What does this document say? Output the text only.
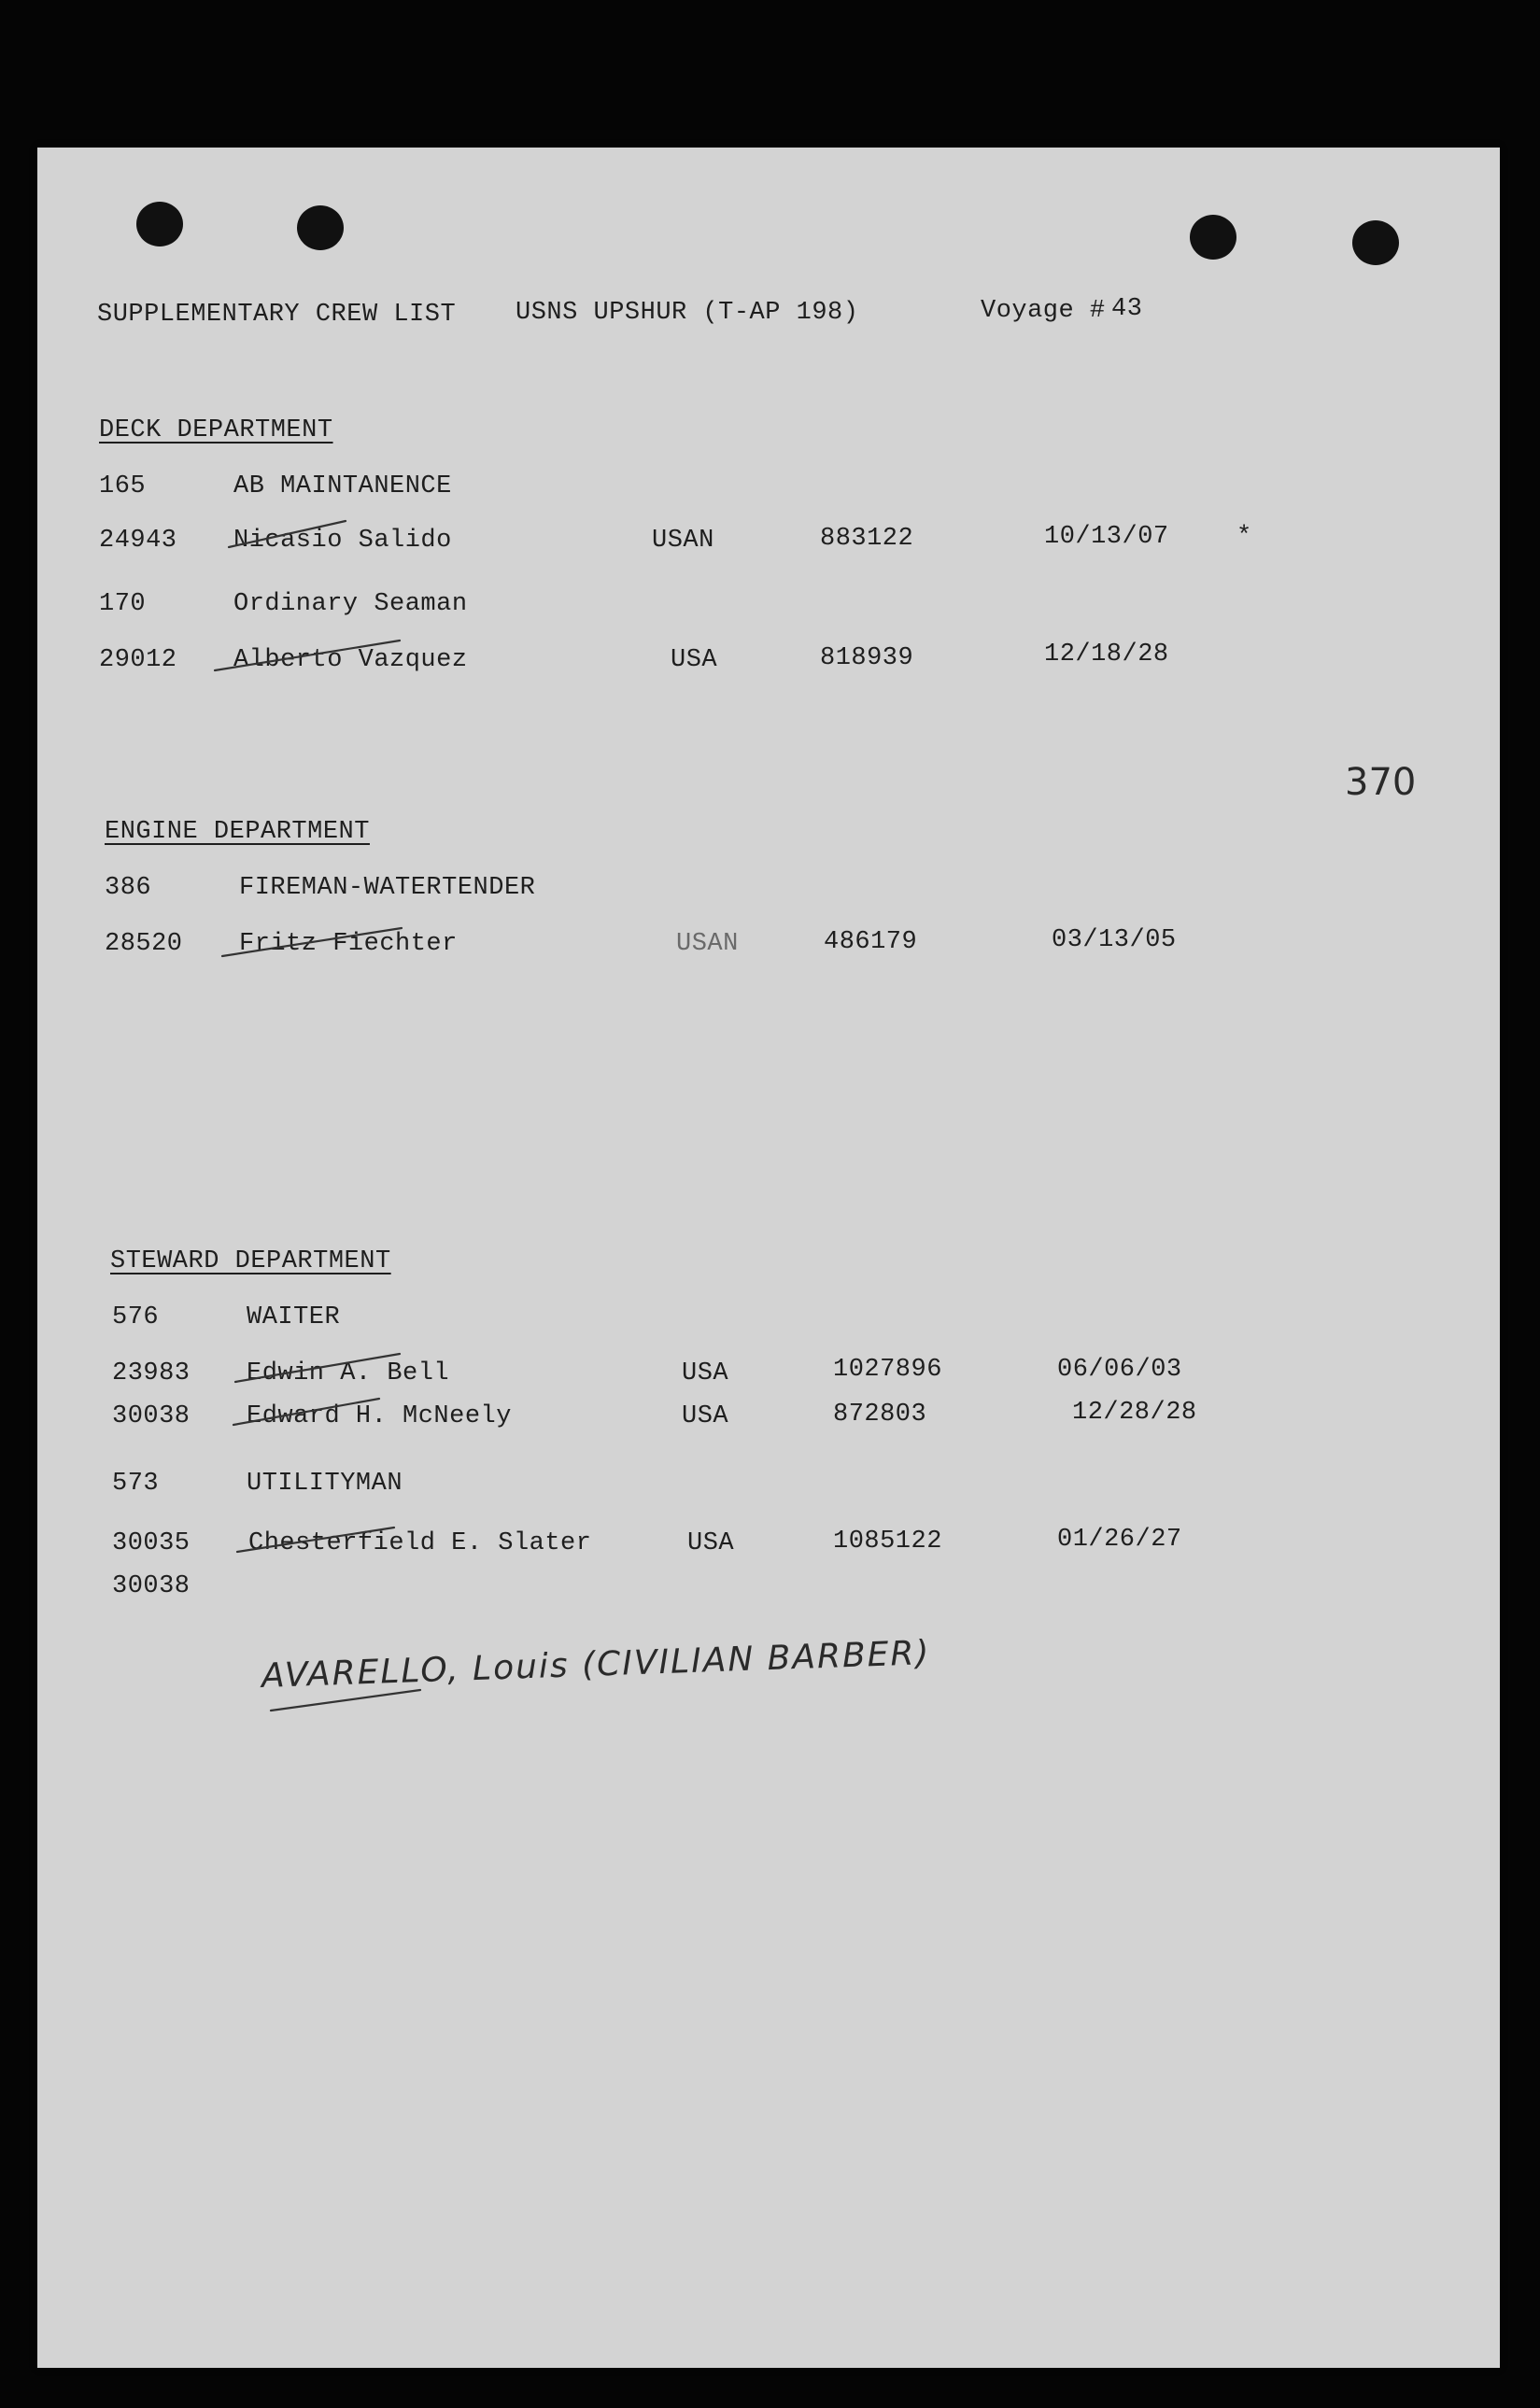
SUPPLEMENTARY CREW LIST USNS UPSHUR (T-AP 198)	Voyage # 43
DECK DEPARTMENT
165	AB MAINTANENCE
24943 Nicasio Salido	USAN	883122	10/13/07	*
170	Ordinary Seaman
29012 Alberto Vazquez	USA	818939	12/18/28
370
ENGINE DEPARTMENT
386	FIREMAN-WATERTENDER
28520 Fritz Fiechter	USAN	486179	03/13/05
STEWARD DEPARTMENT
576	WAITER
23983 Edwin A. Bell	USA	1027896	06/06/03
30038 Edward H. McNeely	USA	872803	12/28/28
573	UTILITYMAN
30035 Chesterfield E. Slater	USA	1085122	01/26/27
30038
AVARELLO, Louis (CIVILIAN BARBER)
